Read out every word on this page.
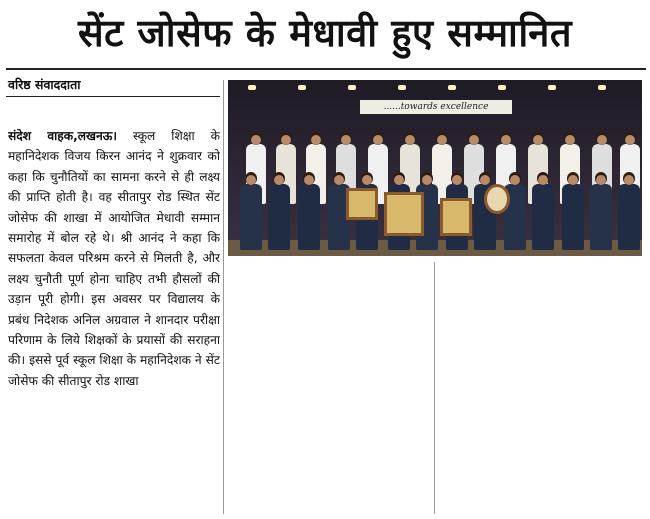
सेंट जोसेफ के मेधावी हुए सम्मानित
वरिष्ठ संवाददाता
संदेश वाहक,लखनऊ। स्कूल शिक्षा के महानिदेशक विजय किरन आनंद ने शुक्रवार को कहा कि चुनौतियों का सामना करने से ही लक्ष्य की प्राप्ति होती है। वह सीतापुर रोड स्थित सेंट जोसेफ की शाखा में आयोजित मेधावी सम्मान समारोह में बोल रहे थे। श्री आनंद ने कहा कि सफलता केवल परिश्रम करने से मिलती है, और लक्ष्य चुनौती पूर्ण होना चाहिए तभी हौसलों की उड़ान पूरी होगी। इस अवसर पर विद्यालय के प्रबंध निदेशक अनिल अग्रवाल ने शानदार परीक्षा परिणाम के लिये शिक्षकों के प्रयासों की सराहना की। इससे पूर्व स्कूल शिक्षा के महानिदेशक ने सेंट जोसेफ की सीतापुर रोड शाखा
......towards excellence
